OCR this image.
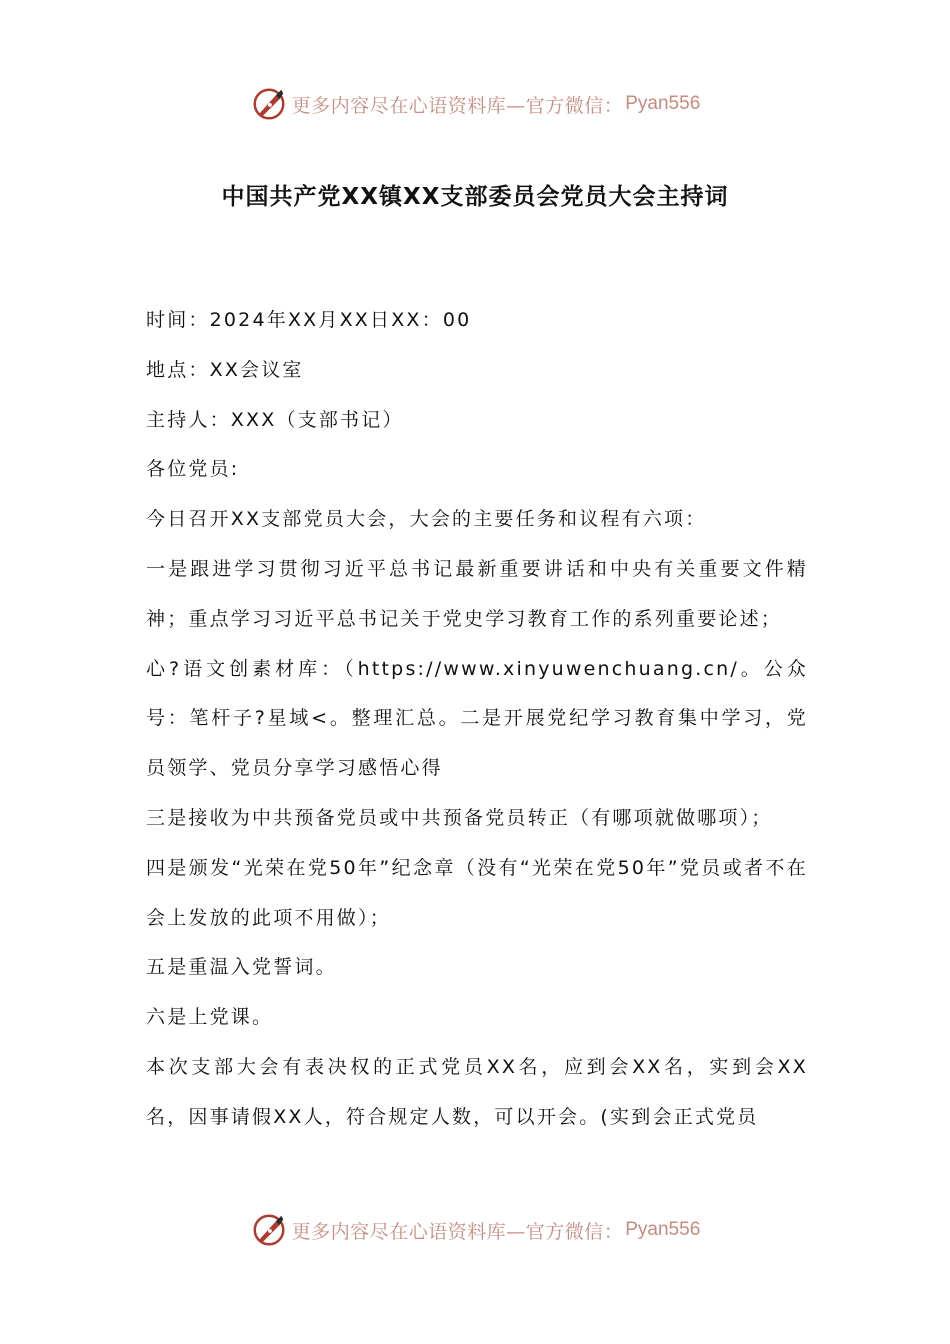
更多内容尽在心语资料库—官方微信： Pyan556
中国共产党XX镇XX支部委员会党员大会主持词

时间：2024年XX月XX日XX：00

地点：XX会议室

主持人：XXX（支部书记）

各位党员:

今日召开XX支部党员大会，大会的主要任务和议程有六项：

一是跟进学习贯彻习近平总书记最新重要讲话和中央有关重要文件精神；重点学习习近平总书记关于党史学习教育工作的系列重要论述；

心?语文创素材库：（https://www.xinyuwenchuang.cn/。公众号：笔杆子?星域<。整理汇总。二是开展党纪学习教育集中学习，党员领学、党员分享学习感悟心得

三是接收为中共预备党员或中共预备党员转正（有哪项就做哪项）；

四是颁发“光荣在党50年”纪念章（没有“光荣在党50年”党员或者不在会上发放的此项不用做）；

五是重温入党誓词。

六是上党课。

本次支部大会有表决权的正式党员XX名，应到会XX名，实到会XX名，因事请假XX人，符合规定人数，可以开会。(实到会正式党员

更多内容尽在心语资料库—官方微信： Pyan556
